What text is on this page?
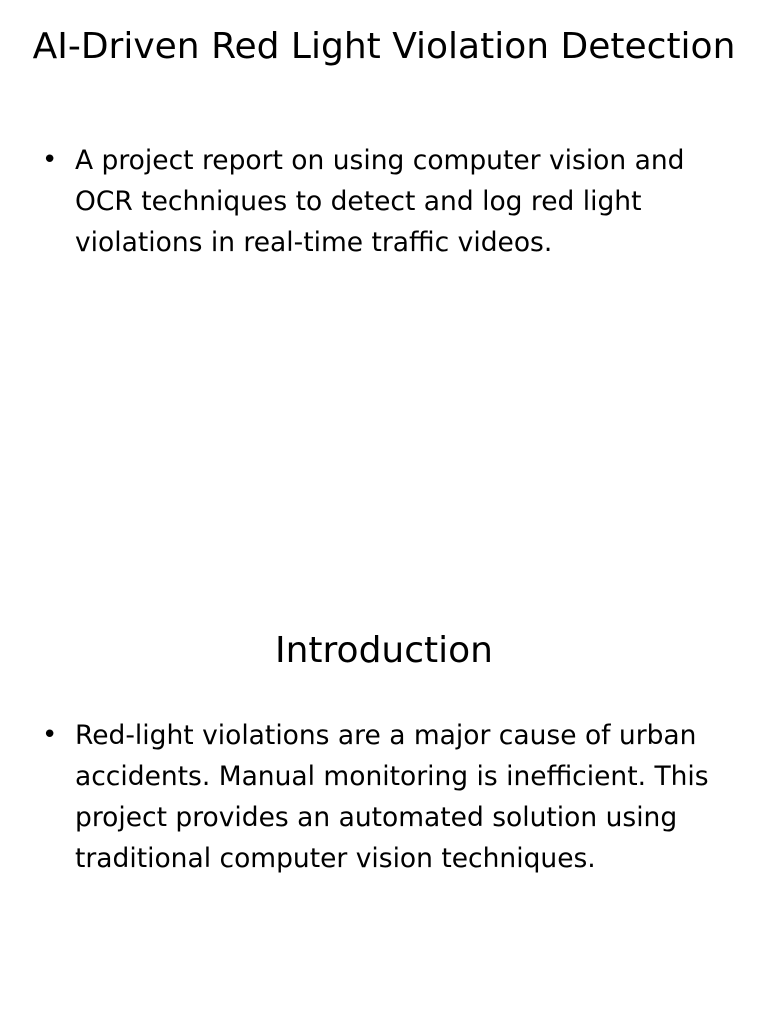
AI-Driven Red Light Violation Detection
• A project report on using computer vision and OCR techniques to detect and log red light violations in real-time traffic videos.
Introduction
• Red-light violations are a major cause of urban accidents. Manual monitoring is inefficient. This project provides an automated solution using traditional computer vision techniques.
